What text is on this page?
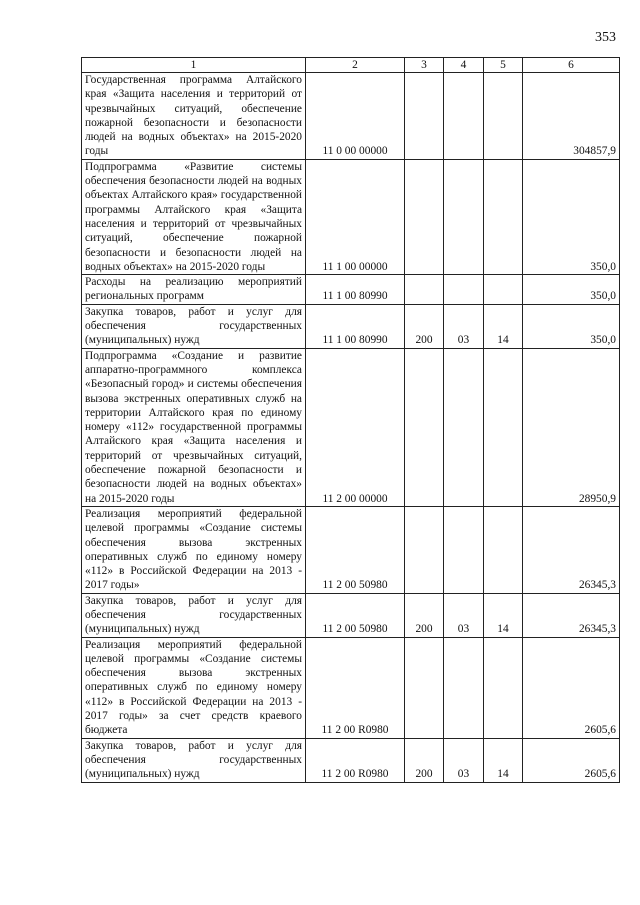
353
1	2	3	4	5	6
Государственная программа Алтайского края «Защита населения и территорий от чрезвычайных ситуаций, обеспечение пожарной безопасности и безопасности людей на водных объектах» на 2015-2020 годы	11 0 00 00000				304857,9
Подпрограмма «Развитие системы обеспечения безопасности людей на водных объектах Алтайского края» государственной программы Алтайского края «Защита населения и территорий от чрезвычайных ситуаций, обеспечение пожарной безопасности и безопасности людей на водных объектах» на 2015-2020 годы	11 1 00 00000				350,0
Расходы на реализацию мероприятий региональных программ	11 1 00 80990				350,0
Закупка товаров, работ и услуг для обеспечения государственных (муниципальных) нужд	11 1 00 80990	200	03	14	350,0
Подпрограмма «Создание и развитие аппаратно-программного комплекса «Безопасный город» и системы обеспечения вызова экстренных оперативных служб на территории Алтайского края по единому номеру «112» государственной программы Алтайского края «Защита населения и территорий от чрезвычайных ситуаций, обеспечение пожарной безопасности и безопасности людей на водных объектах» на 2015-2020 годы	11 2 00 00000				28950,9
Реализация мероприятий федеральной целевой программы «Создание системы обеспечения вызова экстренных оперативных служб по единому номеру «112» в Российской Федерации на 2013 - 2017 годы»	11 2 00 50980				26345,3
Закупка товаров, работ и услуг для обеспечения государственных (муниципальных) нужд	11 2 00 50980	200	03	14	26345,3
Реализация мероприятий федеральной целевой программы «Создание системы обеспечения вызова экстренных оперативных служб по единому номеру «112» в Российской Федерации на 2013 - 2017 годы» за счет средств краевого бюджета	11 2 00 R0980				2605,6
Закупка товаров, работ и услуг для обеспечения государственных (муниципальных) нужд	11 2 00 R0980	200	03	14	2605,6
